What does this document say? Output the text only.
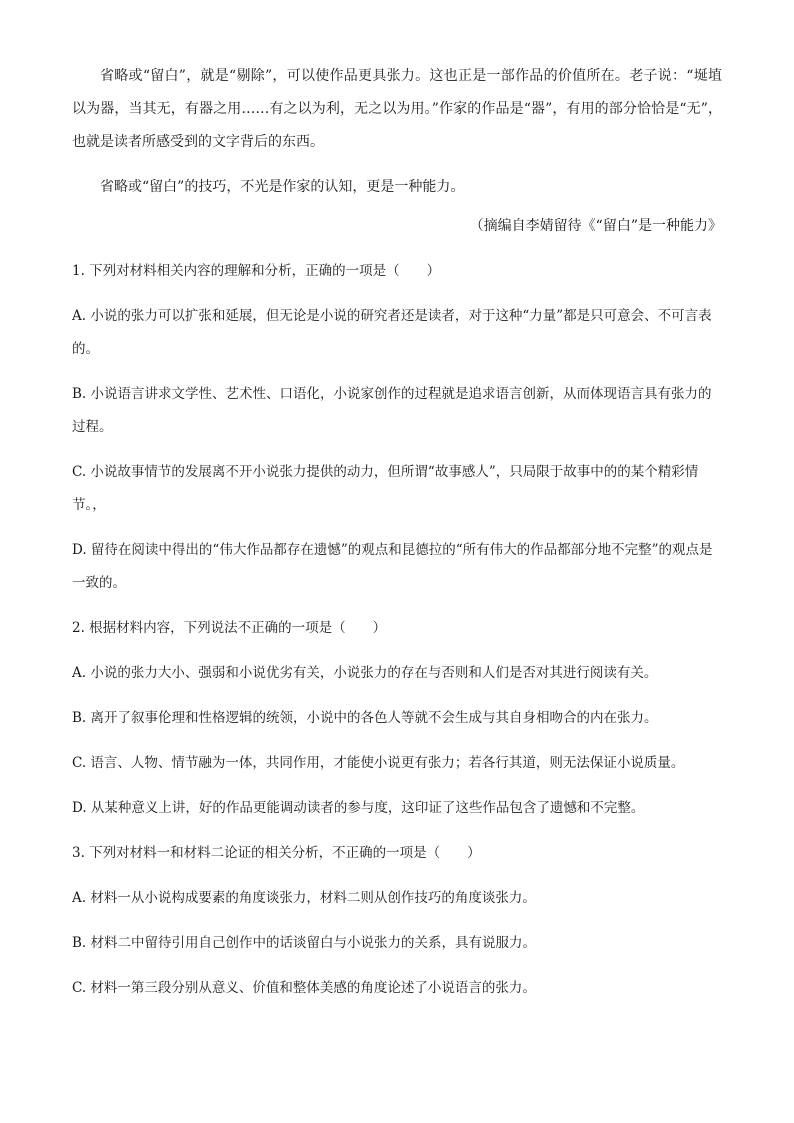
省略或“留白”，就是“剔除”，可以使作品更具张力。这也正是一部作品的价值所在。老子说：“埏埴以为器，当其无，有器之用……有之以为利，无之以为用。”作家的作品是“器”，有用的部分恰恰是“无”，也就是读者所感受到的文字背后的东西。

省略或“留白”的技巧，不光是作家的认知，更是一种能力。

（摘编自李婧留待《“留白”是一种能力》

1. 下列对材料相关内容的理解和分析，正确的一项是（　　）

A. 小说的张力可以扩张和延展，但无论是小说的研究者还是读者，对于这种“力量”都是只可意会、不可言表的。

B. 小说语言讲求文学性、艺术性、口语化，小说家创作的过程就是追求语言创新，从而体现语言具有张力的过程。

C. 小说故事情节的发展离不开小说张力提供的动力，但所谓“故事感人”，只局限于故事中的的某个精彩情节。，

D. 留待在阅读中得出的“伟大作品都存在遗憾”的观点和昆德拉的“所有伟大的作品都部分地不完整”的观点是一致的。

2. 根据材料内容，下列说法不正确的一项是（　　）

A. 小说的张力大小、强弱和小说优劣有关，小说张力的存在与否则和人们是否对其进行阅读有关。

B. 离开了叙事伦理和性格逻辑的统领，小说中的各色人等就不会生成与其自身相吻合的内在张力。

C. 语言、人物、情节融为一体，共同作用，才能使小说更有张力；若各行其道，则无法保证小说质量。

D. 从某种意义上讲，好的作品更能调动读者的参与度，这印证了这些作品包含了遗憾和不完整。

3. 下列对材料一和材料二论证的相关分析，不正确的一项是（　　）

A. 材料一从小说构成要素的角度谈张力，材料二则从创作技巧的角度谈张力。

B. 材料二中留待引用自己创作中的话谈留白与小说张力的关系，具有说服力。

C. 材料一第三段分别从意义、价值和整体美感的角度论述了小说语言的张力。
